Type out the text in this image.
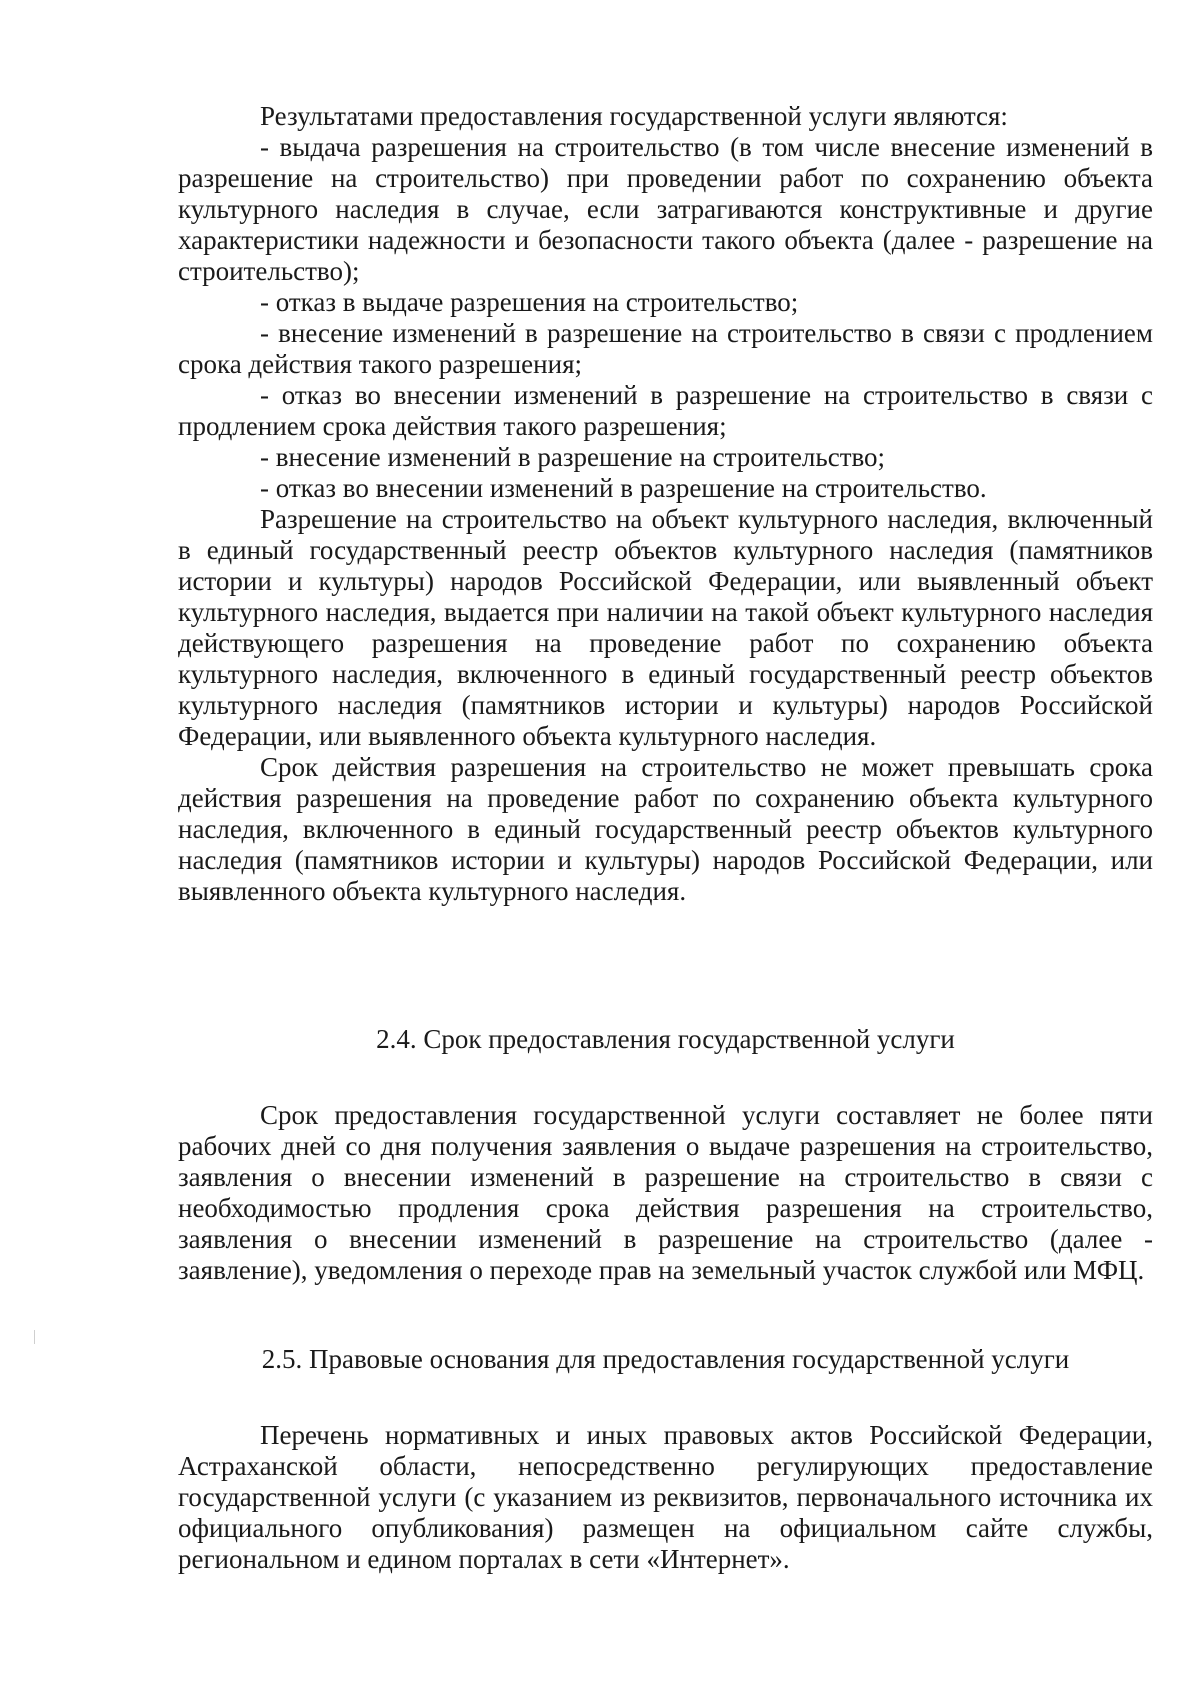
Результатами предоставления государственной услуги являются:

- выдача разрешения на строительство (в том числе внесение изменений в разрешение на строительство) при проведении работ по сохранению объекта культурного наследия в случае, если затрагиваются конструктивные и другие характеристики надежности и безопасности такого объекта (далее - разрешение на строительство);

- отказ в выдаче разрешения на строительство;

- внесение изменений в разрешение на строительство в связи с продлением срока действия такого разрешения;

- отказ во внесении изменений в разрешение на строительство в связи с продлением срока действия такого разрешения;

- внесение изменений в разрешение на строительство;

- отказ во внесении изменений в разрешение на строительство.

Разрешение на строительство на объект культурного наследия, включенный в единый государственный реестр объектов культурного наследия (памятников истории и культуры) народов Российской Федерации, или выявленный объект культурного наследия, выдается при наличии на такой объект культурного наследия действующего разрешения на проведение работ по сохранению объекта культурного наследия, включенного в единый государственный реестр объектов культурного наследия (памятников истории и культуры) народов Российской Федерации, или выявленного объекта культурного наследия.

Срок действия разрешения на строительство не может превышать срока действия разрешения на проведение работ по сохранению объекта культурного наследия, включенного в единый государственный реестр объектов культурного наследия (памятников истории и культуры) народов Российской Федерации, или выявленного объекта культурного наследия.

2.4. Срок предоставления государственной услуги

Срок предоставления государственной услуги составляет не более пяти рабочих дней со дня получения заявления о выдаче разрешения на строительство, заявления о внесении изменений в разрешение на строительство в связи с необходимостью продления срока действия разрешения на строительство, заявления о внесении изменений в разрешение на строительство (далее - заявление), уведомления о переходе прав на земельный участок службой или МФЦ.

2.5. Правовые основания для предоставления государственной услуги

Перечень нормативных и иных правовых актов Российской Федерации, Астраханской области, непосредственно регулирующих предоставление государственной услуги (с указанием из реквизитов, первоначального источника их официального опубликования) размещен на официальном сайте службы, региональном и едином порталах в сети «Интернет».
